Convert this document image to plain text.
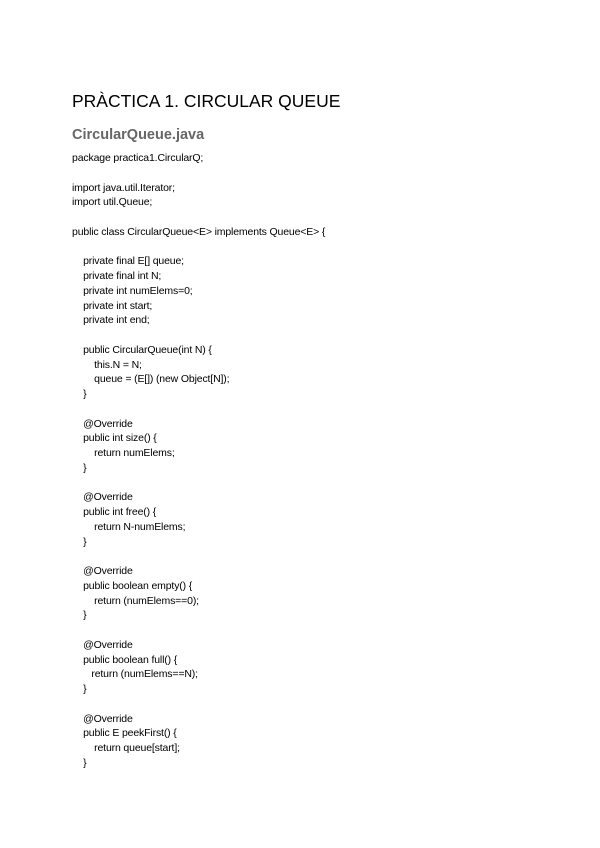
PRÀCTICA 1. CIRCULAR QUEUE
CircularQueue.java
package practica1.CircularQ;

import java.util.Iterator;
import util.Queue;

public class CircularQueue<E> implements Queue<E> {

private final E[] queue;
private final int N;
private int numElems=0;
private int start;
private int end;

public CircularQueue(int N) {
this.N = N;
queue = (E[]) (new Object[N]);
}

@Override
public int size() {
return numElems;
}

@Override
public int free() {
return N-numElems;
}

@Override
public boolean empty() {
return (numElems==0);
}

@Override
public boolean full() {
return (numElems==N);
}

@Override
public E peekFirst() {
return queue[start];
}
